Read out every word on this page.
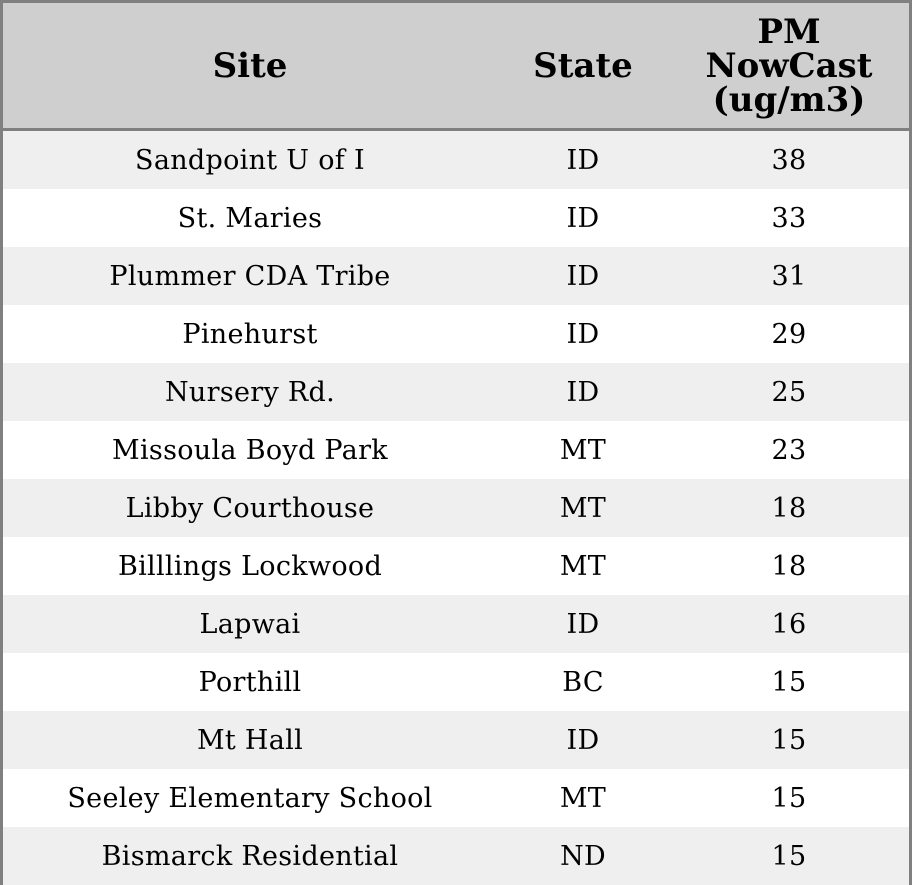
Site	State	PM NowCast (ug/m3)
Sandpoint U of I	ID	38
St. Maries	ID	33
Plummer CDA Tribe	ID	31
Pinehurst	ID	29
Nursery Rd.	ID	25
Missoula Boyd Park	MT	23
Libby Courthouse	MT	18
Billlings Lockwood	MT	18
Lapwai	ID	16
Porthill	BC	15
Mt Hall	ID	15
Seeley Elementary School	MT	15
Bismarck Residential	ND	15
